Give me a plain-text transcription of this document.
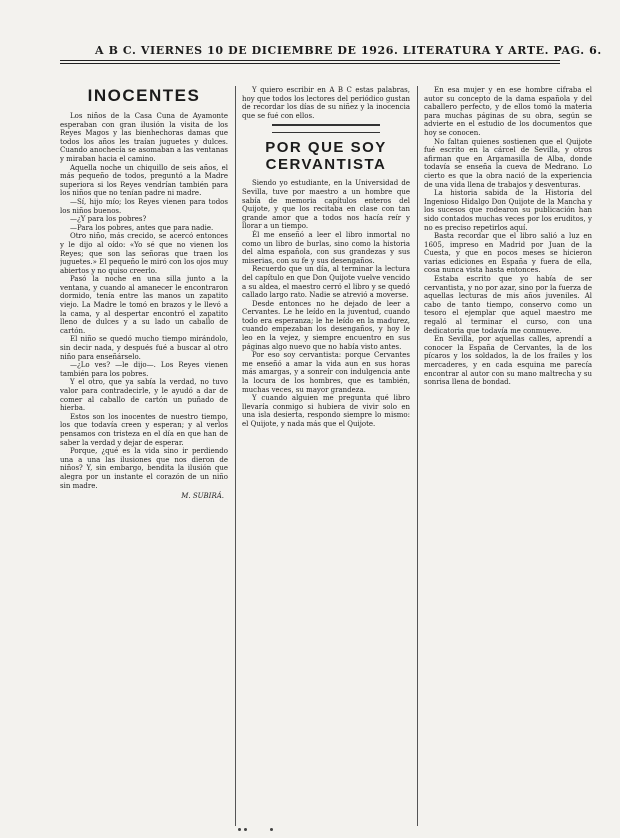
A B C. VIERNES 10 DE DICIEMBRE DE 1926. LITERATURA Y ARTE. PAG. 6.
INOCENTES

Los niños de la Casa Cuna de Ayamonte esperaban con gran ilusión la visita de los Reyes Magos y las bienhechoras damas que todos los años les traían juguetes y dulces. Cuando anochecía se asomaban a las ventanas y miraban hacia el camino.

Aquella noche un chiquillo de seis años, el más pequeño de todos, preguntó a la Madre superiora si los Reyes vendrían también para los niños que no tenían padre ni madre.

—Sí, hijo mío; los Reyes vienen para todos los niños buenos.

—¿Y para los pobres?

—Para los pobres, antes que para nadie.

Otro niño, más crecido, se acercó entonces y le dijo al oído: «Yo sé que no vienen los Reyes; que son las señoras que traen los juguetes.» El pequeño le miró con los ojos muy abiertos y no quiso creerlo.

Pasó la noche en una silla junto a la ventana, y cuando al amanecer le encontraron dormido, tenía entre las manos un zapatito viejo. La Madre le tomó en brazos y le llevó a la cama, y al despertar encontró el zapatito lleno de dulces y a su lado un caballo de cartón.

El niño se quedó mucho tiempo mirándolo, sin decir nada, y después fué a buscar al otro niño para enseñárselo.

—¿Lo ves? —le dijo—. Los Reyes vienen también para los pobres.

Y el otro, que ya sabía la verdad, no tuvo valor para contradecirle, y le ayudó a dar de comer al caballo de cartón un puñado de hierba.

Estos son los inocentes de nuestro tiempo, los que todavía creen y esperan; y al verlos pensamos con tristeza en el día en que han de saber la verdad y dejar de esperar.

Porque, ¿qué es la vida sino ir perdiendo una a una las ilusiones que nos dieron de niños? Y, sin embargo, bendita la ilusión que alegra por un instante el corazón de un niño sin madre.

M. SUBIRÁ.

Y quiero escribir en A B C estas palabras, hoy que todos los lectores del periódico gustan de recordar los días de su niñez y la inocencia que se fué con ellos.

POR QUE SOY CERVANTISTA

Siendo yo estudiante, en la Universidad de Sevilla, tuve por maestro a un hombre que sabía de memoria capítulos enteros del Quijote, y que los recitaba en clase con tan grande amor que a todos nos hacía reír y llorar a un tiempo.

Él me enseñó a leer el libro inmortal no como un libro de burlas, sino como la historia del alma española, con sus grandezas y sus miserias, con su fe y sus desengaños.

Recuerdo que un día, al terminar la lectura del capítulo en que Don Quijote vuelve vencido a su aldea, el maestro cerró el libro y se quedó callado largo rato. Nadie se atrevió a moverse.

Desde entonces no he dejado de leer a Cervantes. Le he leído en la juventud, cuando todo era esperanza; le he leído en la madurez, cuando empezaban los desengaños, y hoy le leo en la vejez, y siempre encuentro en sus páginas algo nuevo que no había visto antes.

Por eso soy cervantista: porque Cervantes me enseñó a amar la vida aun en sus horas más amargas, y a sonreír con indulgencia ante la locura de los hombres, que es también, muchas veces, su mayor grandeza.

Y cuando alguien me pregunta qué libro llevaría conmigo si hubiera de vivir solo en una isla desierta, respondo siempre lo mismo: el Quijote, y nada más que el Quijote.

En esa mujer y en ese hombre cifraba el autor su concepto de la dama española y del caballero perfecto, y de ellos tomó la materia para muchas páginas de su obra, según se advierte en el estudio de los documentos que hoy se conocen.

No faltan quienes sostienen que el Quijote fué escrito en la cárcel de Sevilla, y otros afirman que en Argamasilla de Alba, donde todavía se enseña la cueva de Medrano. Lo cierto es que la obra nació de la experiencia de una vida llena de trabajos y desventuras.

La historia sabida de la Historia del Ingenioso Hidalgo Don Quijote de la Mancha y los sucesos que rodearon su publicación han sido contados muchas veces por los eruditos, y no es preciso repetirlos aquí.

Basta recordar que el libro salió a luz en 1605, impreso en Madrid por Juan de la Cuesta, y que en pocos meses se hicieron varias ediciones en España y fuera de ella, cosa nunca vista hasta entonces.

Estaba escrito que yo había de ser cervantista, y no por azar, sino por la fuerza de aquellas lecturas de mis años juveniles. Al cabo de tanto tiempo, conservo como un tesoro el ejemplar que aquel maestro me regaló al terminar el curso, con una dedicatoria que todavía me conmueve.

En Sevilla, por aquellas calles, aprendí a conocer la España de Cervantes, la de los pícaros y los soldados, la de los frailes y los mercaderes, y en cada esquina me parecía encontrar al autor con su mano maltrecha y su sonrisa llena de bondad.
